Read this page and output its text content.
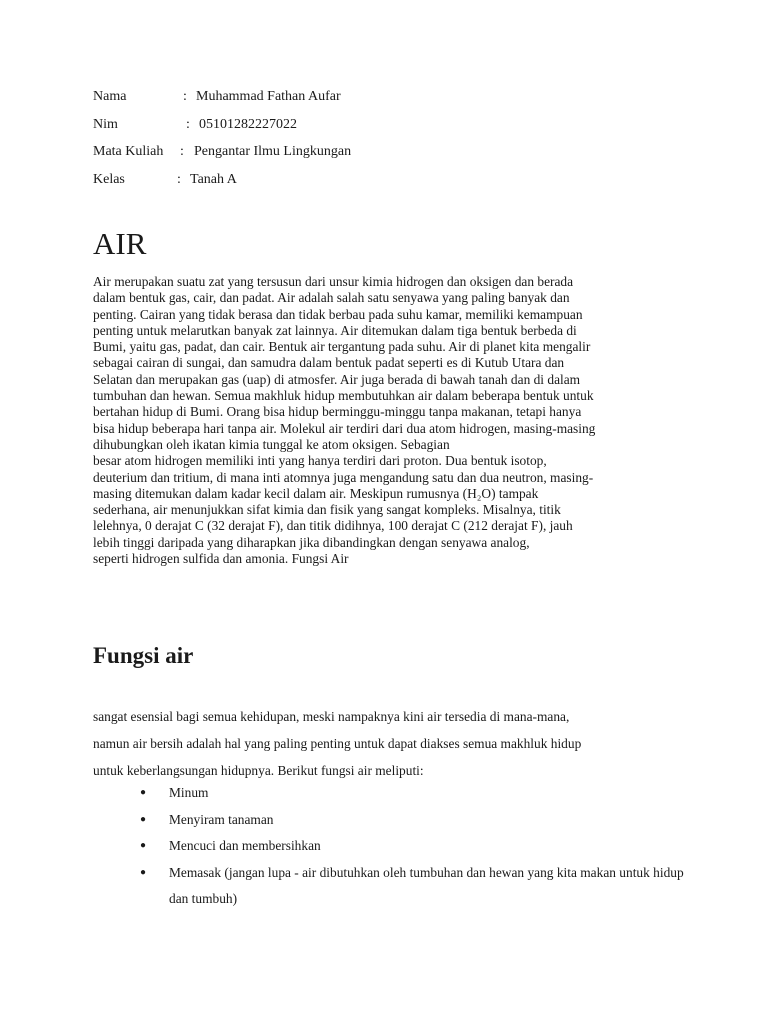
Nama	: Muhammad Fathan Aufar
Nim	: 05101282227022
Mata Kuliah : Pengantar Ilmu Lingkungan
Kelas	: Tanah A
AIR

Air merupakan suatu zat yang tersusun dari unsur kimia hidrogen dan oksigen dan berada
dalam bentuk gas, cair, dan padat. Air adalah salah satu senyawa yang paling banyak dan
penting. Cairan yang tidak berasa dan tidak berbau pada suhu kamar, memiliki kemampuan
penting untuk melarutkan banyak zat lainnya. Air ditemukan dalam tiga bentuk berbeda di
Bumi, yaitu gas, padat, dan cair. Bentuk air tergantung pada suhu. Air di planet kita mengalir
sebagai cairan di sungai, dan samudra dalam bentuk padat seperti es di Kutub Utara dan
Selatan dan merupakan gas (uap) di atmosfer. Air juga berada di bawah tanah dan di dalam
tumbuhan dan hewan. Semua makhluk hidup membutuhkan air dalam beberapa bentuk untuk
bertahan hidup di Bumi. Orang bisa hidup berminggu-minggu tanpa makanan, tetapi hanya
bisa hidup beberapa hari tanpa air. Molekul air terdiri dari dua atom hidrogen, masing-masing
dihubungkan oleh ikatan kimia tunggal ke atom oksigen. Sebagian
besar atom hidrogen memiliki inti yang hanya terdiri dari proton. Dua bentuk isotop,
deuterium dan tritium, di mana inti atomnya juga mengandung satu dan dua neutron, masing-
masing ditemukan dalam kadar kecil dalam air. Meskipun rumusnya (H₂O) tampak
sederhana, air menunjukkan sifat kimia dan fisik yang sangat kompleks. Misalnya, titik
lelehnya, 0 derajat C (32 derajat F), dan titik didihnya, 100 derajat C (212 derajat F), jauh
lebih tinggi daripada yang diharapkan jika dibandingkan dengan senyawa analog,
seperti hidrogen sulfida dan amonia. Fungsi Air

Fungsi air

sangat esensial bagi semua kehidupan, meski nampaknya kini air tersedia di mana-mana,
namun air bersih adalah hal yang paling penting untuk dapat diakses semua makhluk hidup
untuk keberlangsungan hidupnya. Berikut fungsi air meliputi:

● Minum
● Menyiram tanaman
● Mencuci dan membersihkan
● Memasak (jangan lupa - air dibutuhkan oleh tumbuhan dan hewan yang kita makan untuk hidup dan tumbuh)
